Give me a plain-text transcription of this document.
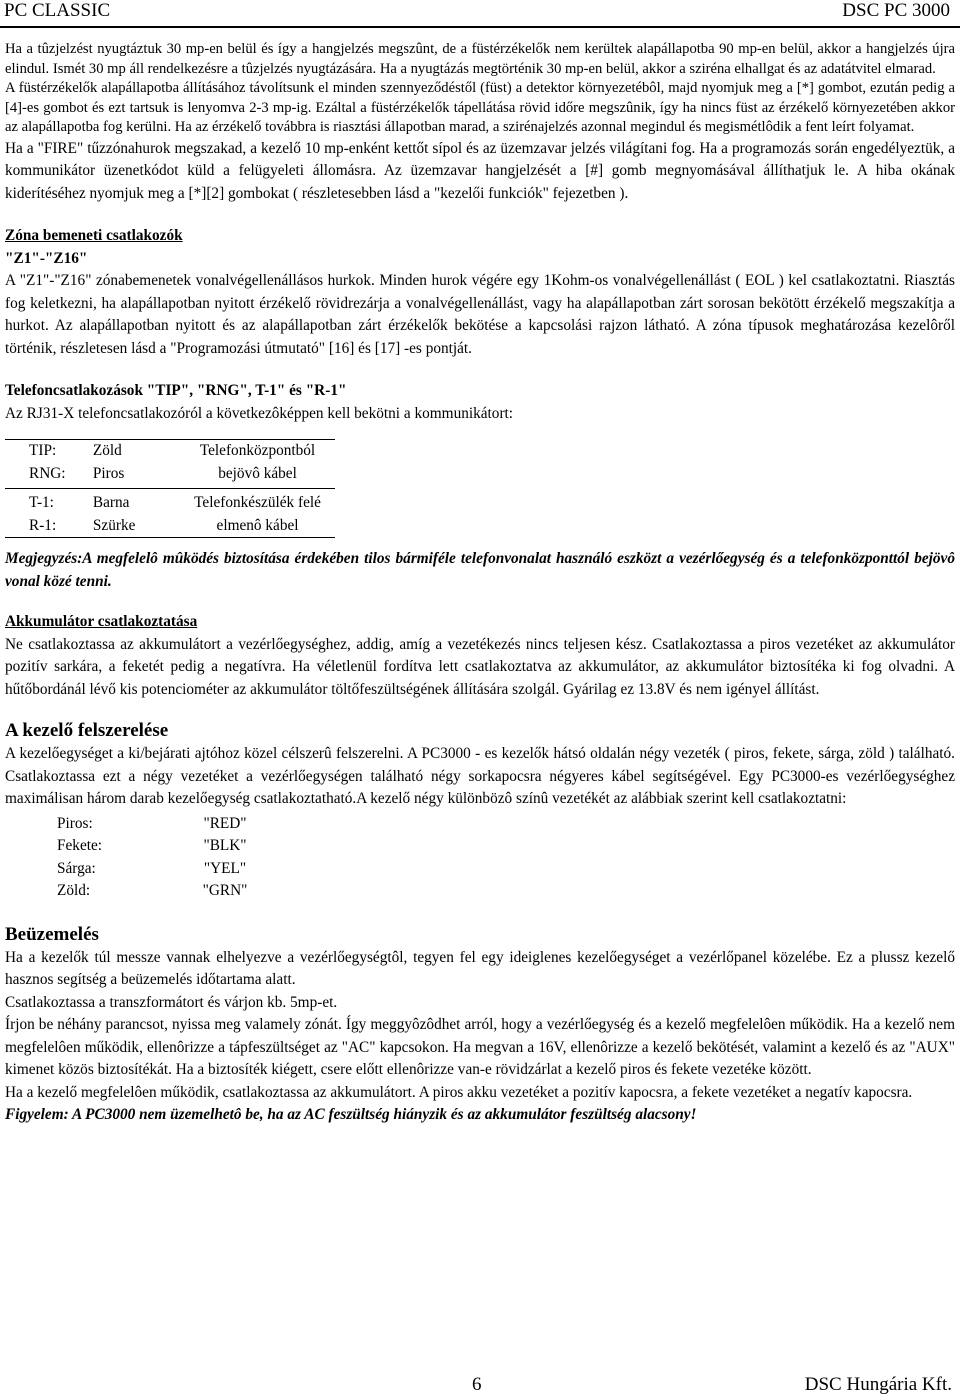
PC CLASSIC	DSC PC 3000

Ha a tûzjelzést nyugtáztuk 30 mp-en belül és így a hangjelzés megszûnt, de a füstérzékelők nem kerültek alapállapotba 90 mp-en belül, akkor a hangjelzés újra elindul. Ismét 30 mp áll rendelkezésre a tûzjelzés nyugtázására. Ha a nyugtázás megtörténik 30 mp-en belül, akkor a sziréna elhallgat és az adatátvitel elmarad.

A füstérzékelők alapállapotba állításához távolítsunk el minden szennyeződéstől (füst) a detektor környezetébôl, majd nyomjuk meg a [*] gombot, ezután pedig a [4]-es gombot és ezt tartsuk is lenyomva 2-3 mp-ig. Ezáltal a füstérzékelők tápellátása rövid időre megszûnik, így ha nincs füst az érzékelő környezetében akkor az alapállapotba fog kerülni. Ha az érzékelő továbbra is riasztási állapotban marad, a szirénajelzés azonnal megindul és megismétlôdik a fent leírt folyamat.

Ha a "FIRE" tűzzónahurok megszakad, a kezelő 10 mp-enként kettőt sípol és az üzemzavar jelzés világítani fog. Ha a programozás során engedélyeztük, a kommunikátor üzenetkódot küld a felügyeleti állomásra. Az üzemzavar hangjelzését a [#] gomb megnyomásával állíthatjuk le. A hiba okának kiderítéséhez nyomjuk meg a [*][2] gombokat ( részletesebben lásd a "kezelői funkciók" fejezetben ).

Zóna bemeneti csatlakozók

"Z1"-"Z16"

A "Z1"-"Z16" zónabemenetek vonalvégellenállásos hurkok. Minden hurok végére egy 1Kohm-os vonalvégellenállást ( EOL ) kel csatlakoztatni. Riasztás fog keletkezni, ha alapállapotban nyitott érzékelő rövidrezárja a vonalvégellenállást, vagy ha alapállapotban zárt sorosan bekötött érzékelő megszakítja a hurkot. Az alapállapotban nyitott és az alapállapotban zárt érzékelők bekötése a kapcsolási rajzon látható. A zóna típusok meghatározása kezelôről történik, részletesen lásd a "Programozási útmutató" [16] és [17] -es pontját.

Telefoncsatlakozások "TIP", "RNG", T-1" és "R-1"

Az RJ31-X telefoncsatlakozóról a következôképpen kell bekötni a kommunikátort:

TIP:	Zöld	Telefonközpontból
RNG:	Piros	bejövô kábel
T-1:	Barna	Telefonkészülék felé
R-1:	Szürke	elmenô kábel

Megjegyzés:A megfelelô mûködés biztosítása érdekében tilos bármiféle telefonvonalat használó eszközt a vezérlőegység és a telefonközponttól bejövô vonal közé tenni.

Akkumulátor csatlakoztatása

Ne csatlakoztassa az akkumulátort a vezérlőegységhez, addig, amíg a vezetékezés nincs teljesen kész. Csatlakoztassa a piros vezetéket az akkumulátor pozitív sarkára, a feketét pedig a negatívra. Ha véletlenül fordítva lett csatlakoztatva az akkumulátor, az akkumulátor biztosítéka ki fog olvadni. A hűtőbordánál lévő kis potenciométer az akkumulátor töltőfeszültségének állítására szolgál. Gyárilag ez 13.8V és nem igényel állítást.

A kezelő felszerelése

A kezelőegységet a ki/bejárati ajtóhoz közel célszerû felszerelni. A PC3000 - es kezelők hátsó oldalán négy vezeték ( piros, fekete, sárga, zöld ) található. Csatlakoztassa ezt a négy vezetéket a vezérlőegységen található négy sorkapocsra négyeres kábel segítségével. Egy PC3000-es vezérlőegységhez maximálisan három darab kezelőegység csatlakoztatható.A kezelő négy különbözô színû vezetékét az alábbiak szerint kell csatlakoztatni:

Piros:	"RED"
Fekete:	"BLK"
Sárga:	"YEL"
Zöld:	"GRN"

Beüzemelés

Ha a kezelők túl messze vannak elhelyezve a vezérlőegységtôl, tegyen fel egy ideiglenes kezelőegységet a vezérlőpanel közelébe. Ez a plussz kezelő hasznos segítség a beüzemelés időtartama alatt.

Csatlakoztassa a transzformátort és várjon kb. 5mp-et.

Írjon be néhány parancsot, nyissa meg valamely zónát. Így meggyôzôdhet arról, hogy a vezérlőegység és a kezelő megfelelôen működik. Ha a kezelő nem megfelelôen működik, ellenôrizze a tápfeszültséget az "AC" kapcsokon. Ha megvan a 16V, ellenôrizze a kezelő bekötését, valamint a kezelő és az "AUX" kimenet közös biztosítékát. Ha a biztosíték kiégett, csere előtt ellenôrizze van-e rövidzárlat a kezelő piros és fekete vezetéke között.

Ha a kezelő megfelelôen működik, csatlakoztassa az akkumulátort. A piros akku vezetéket a pozitív kapocsra, a fekete vezetéket a negatív kapocsra.

Figyelem: A PC3000 nem üzemelhetô be, ha az AC feszültség hiányzik és az akkumulátor feszültség alacsony!

6	DSC Hungária Kft.
